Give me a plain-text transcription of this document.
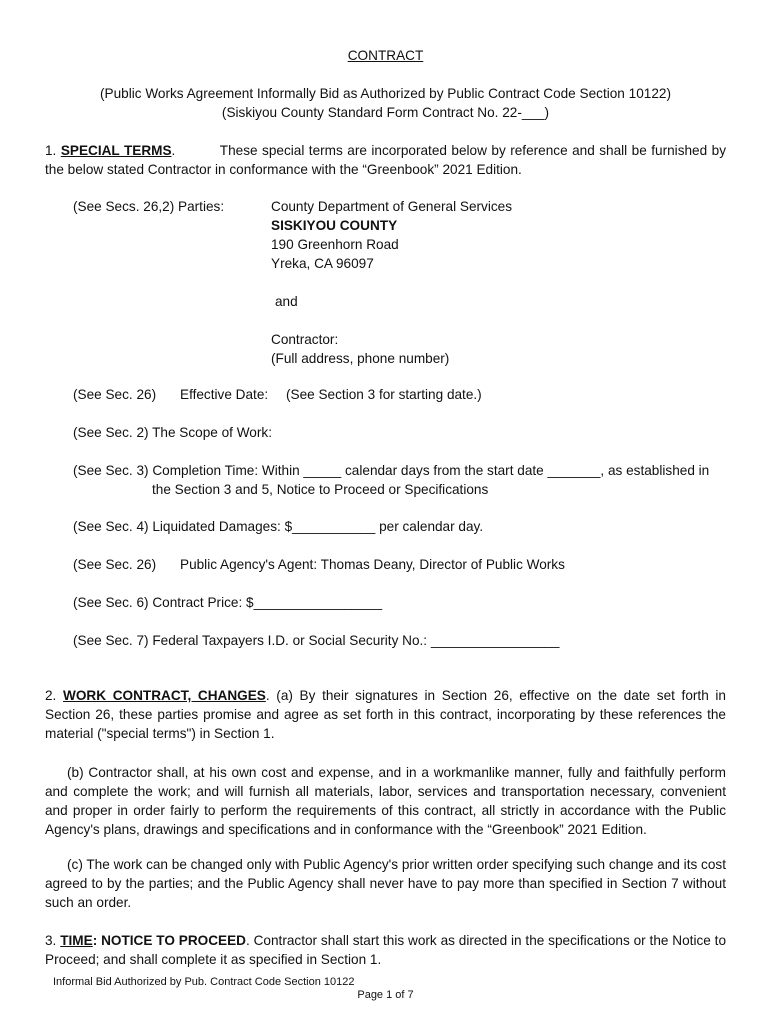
CONTRACT
(Public Works Agreement Informally Bid as Authorized by Public Contract Code Section 10122)
(Siskiyou County Standard Form Contract No. 22-___)
1. SPECIAL TERMS.	These special terms are incorporated below by reference and shall be furnished by the below stated Contractor in conformance with the “Greenbook” 2021 Edition.
(See Secs. 26,2) Parties:	County Department of General Services
SISKIYOU COUNTY
190 Greenhorn Road
Yreka, CA 96097
and
Contractor:
(Full address, phone number)
(See Sec. 26) Effective Date: (See Section 3 for starting date.)
(See Sec. 2) The Scope of Work:
(See Sec. 3) Completion Time: Within _____ calendar days from the start date _______, as established in
the Section 3 and 5, Notice to Proceed or Specifications
(See Sec. 4) Liquidated Damages: $___________ per calendar day.
(See Sec. 26) Public Agency's Agent: Thomas Deany, Director of Public Works
(See Sec. 6) Contract Price: $_________________
(See Sec. 7) Federal Taxpayers I.D. or Social Security No.: _________________
2. WORK CONTRACT, CHANGES. (a) By their signatures in Section 26, effective on the date set forth in Section 26, these parties promise and agree as set forth in this contract, incorporating by these references the material ("special terms") in Section 1.
(b) Contractor shall, at his own cost and expense, and in a workmanlike manner, fully and faithfully perform and complete the work; and will furnish all materials, labor, services and transportation necessary, convenient and proper in order fairly to perform the requirements of this contract, all strictly in accordance with the Public Agency's plans, drawings and specifications and in conformance with the “Greenbook” 2021 Edition.
(c) The work can be changed only with Public Agency's prior written order specifying such change and its cost agreed to by the parties; and the Public Agency shall never have to pay more than specified in Section 7 without such an order.
3. TIME: NOTICE TO PROCEED. Contractor shall start this work as directed in the specifications or the Notice to Proceed; and shall complete it as specified in Section 1.
Informal Bid Authorized by Pub. Contract Code Section 10122
Page 1 of 7
